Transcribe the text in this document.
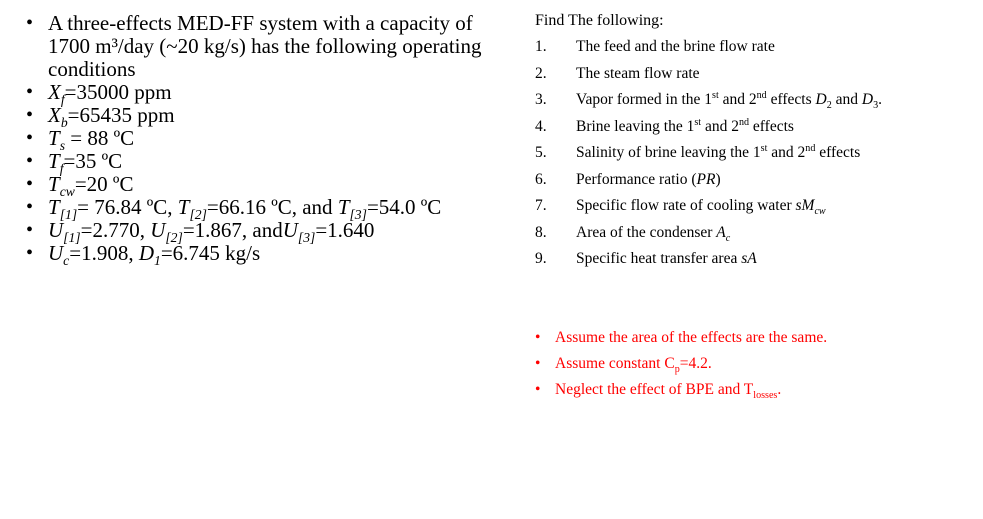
• A three-effects MED-FF system with a capacity of 1700 m³/day (~20 kg/s) has the following operating conditions
• $X_f=35000$ ppm
• $X_b=65435$ ppm
• $T_s = 88$ ºC
• $T_f=35$ ºC
• $T_{cw}=20$ ºC
• $T_{[1]}= 76.84$ ºC, $T_{[2]}=66.16$ ºC, and $T_{[3]}=54.0$ ºC
• $U_{[1]}=2.770$, $U_{[2]}=1.867$, andU$_{[3]}$=1.640
• $U_c=1.908$, $D_1=6.745$ kg/s
Find The following:
1. The feed and the brine flow rate
2. The steam flow rate
3. Vapor formed in the 1st and 2nd effects $D_2$ and $D_3$.
4. Brine leaving the 1st and 2nd effects
5. Salinity of brine leaving the 1st and 2nd effects
6. Performance ratio (PR)
7. Specific flow rate of cooling water $sM_{cw}$
8. Area of the condenser $A_c$
9. Specific heat transfer area sA
• Assume the area of the effects are the same.
• Assume constant $C_p=4.2$.
• Neglect the effect of BPE and $T_{losses}$.
